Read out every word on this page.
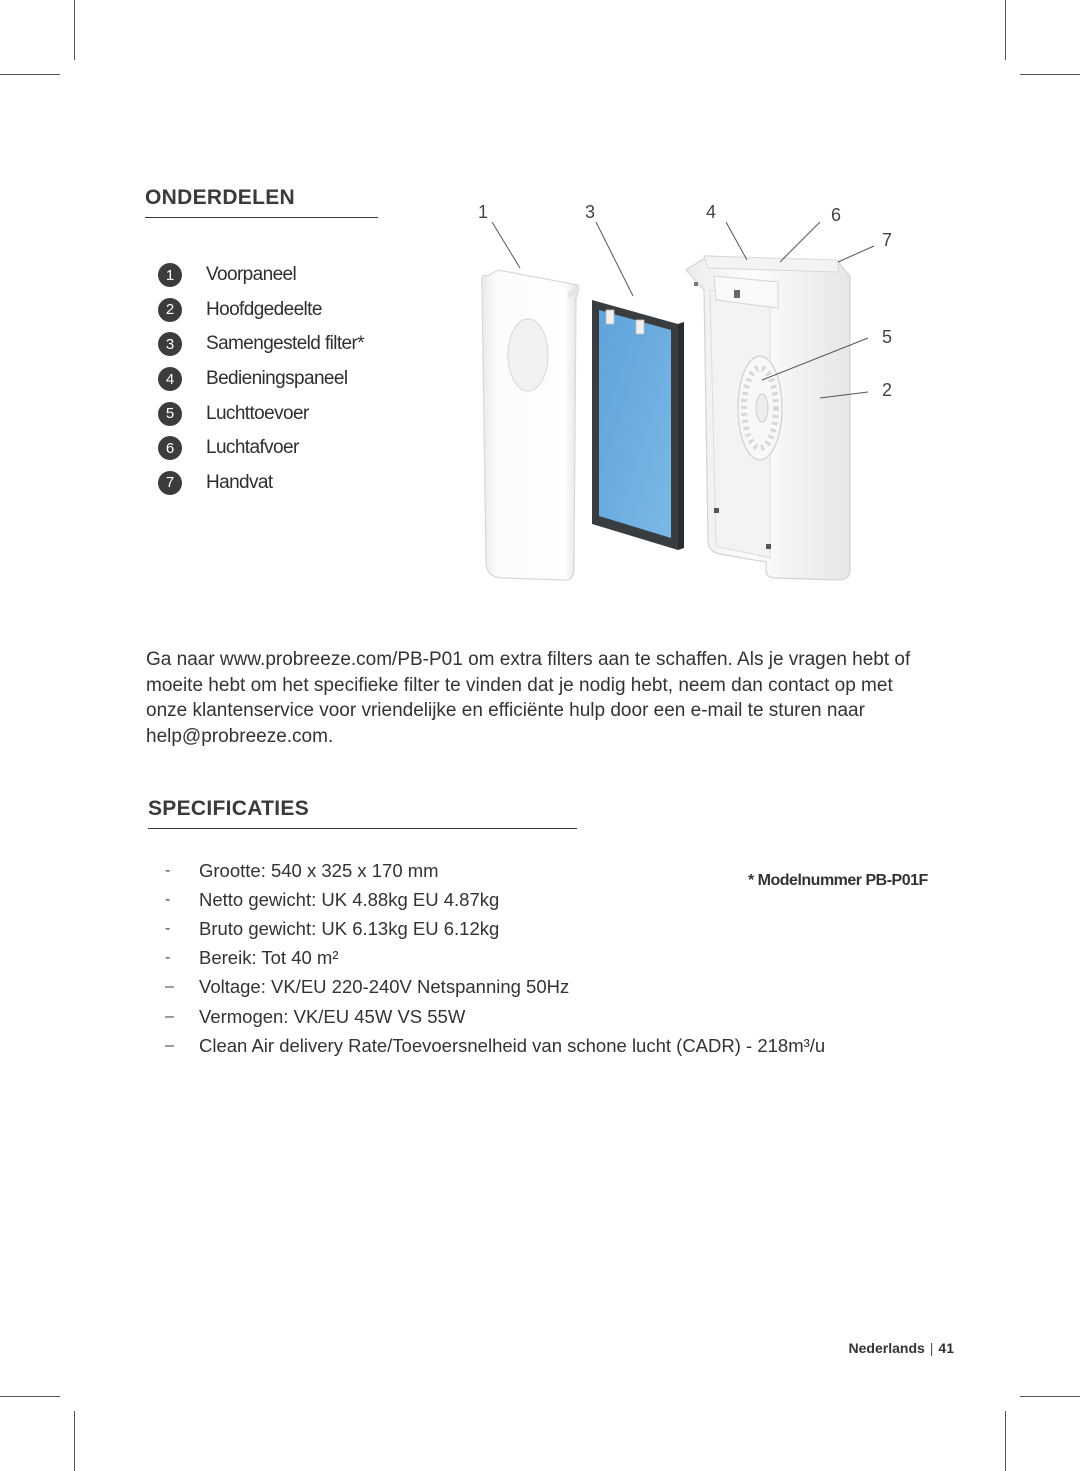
ONDERDELEN
1	Voorpaneel
2	Hoofdgedeelte
3	Samengesteld filter*
4	Bedieningspaneel
5	Luchttoevoer
6	Luchtafvoer
7	Handvat
1	3	4	6
7
5
2
Ga naar www.probreeze.com/PB-P01 om extra filters aan te schaffen. Als je vragen hebt of moeite hebt om het specifieke filter te vinden dat je nodig hebt, neem dan contact op met onze klantenservice voor vriendelijke en efficiënte hulp door een e-mail te sturen naar help@probreeze.com.
SPECIFICATIES
-	Grootte: 540 x 325 x 170 mm
-	Netto gewicht: UK 4.88kg EU 4.87kg
-	Bruto gewicht: UK 6.13kg EU 6.12kg
-	Bereik: Tot 40 m²
–	Voltage: VK/EU 220-240V Netspanning 50Hz
–	Vermogen: VK/EU 45W VS 55W
–	Clean Air delivery Rate/Toevoersnelheid van schone lucht (CADR) - 218m³/u
* Modelnummer PB-P01F
Nederlands | 41
